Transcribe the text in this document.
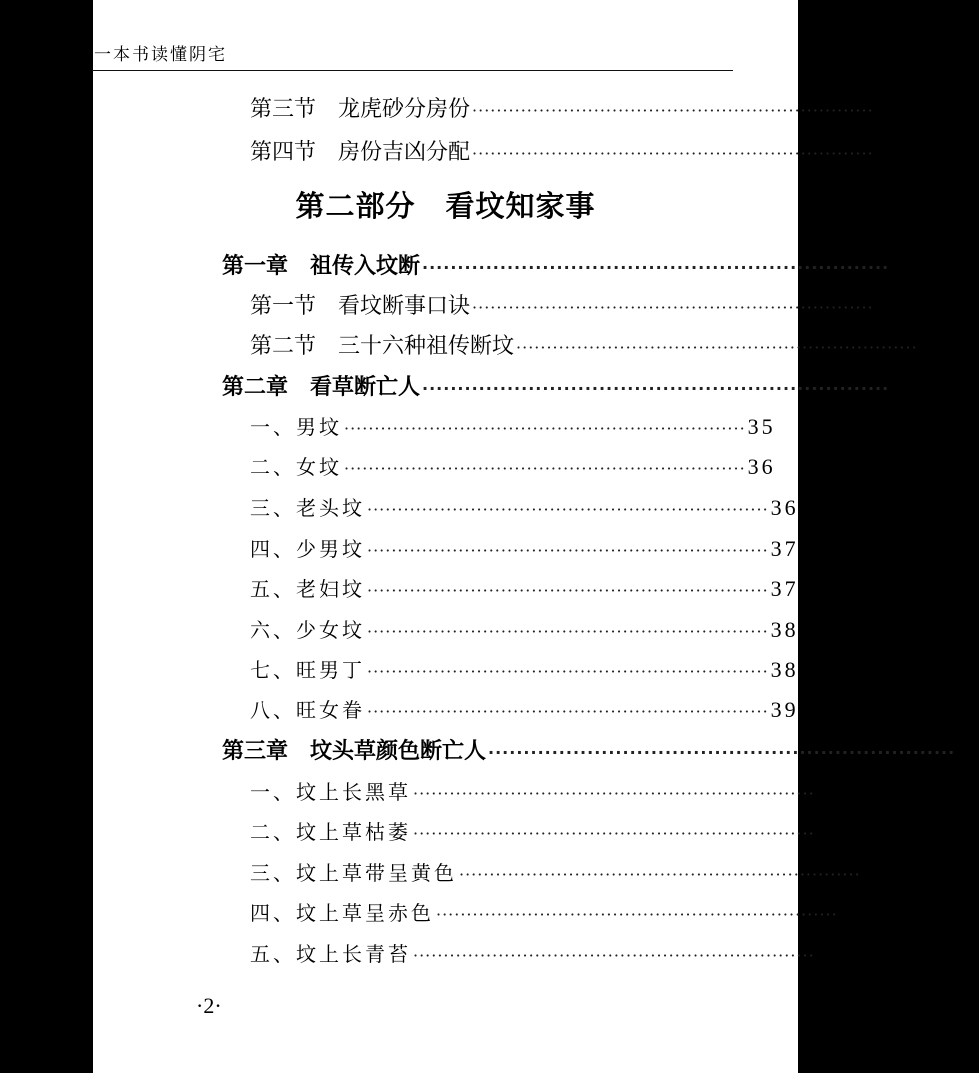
一本书读懂阴宅
第二部分　看坟知家事
第三节　龙虎砂分房份 ·································································· 26
第四节　房份吉凶分配 ·································································· 27
第一章　祖传入坟断 ·································································· 28
第一节　看坟断事口诀 ·································································· 28
第二节　三十六种祖传断坟 ·································································· 30
第二章　看草断亡人 ·································································· 35
一、男坟 ·································································· 35
二、女坟 ·································································· 36
三、老头坟 ·································································· 36
四、少男坟 ·································································· 37
五、老妇坟 ·································································· 37
六、少女坟 ·································································· 38
七、旺男丁 ·································································· 38
八、旺女眷 ·································································· 39
第三章　坟头草颜色断亡人 ·································································· 40
一、坟上长黑草 ·································································· 40
二、坟上草枯萎 ·································································· 40
三、坟上草带呈黄色 ·································································· 41
四、坟上草呈赤色 ·································································· 41
五、坟上长青苔 ·································································· 42
·2·
